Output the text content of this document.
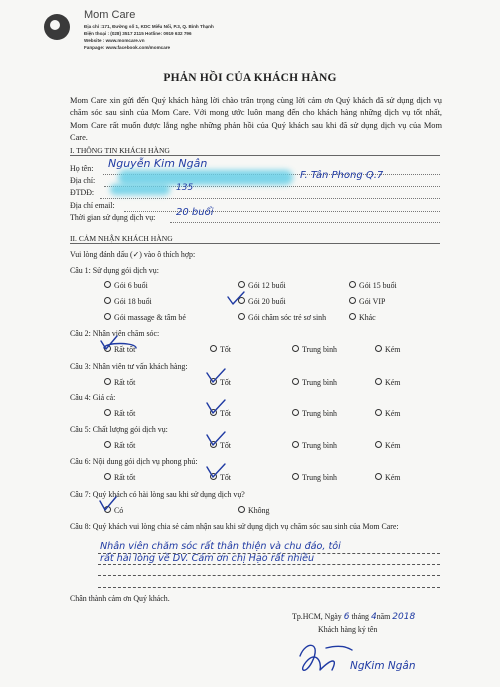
Mom Care
Địa chỉ :171, Đường số 1, KDC Miếu Nổi, P.3, Q. Bình Thạnh
Điện thoại : (028) 3517 2115 Hotline: 0919 632 796
Website : www.momcare.vn
Fanpage: www.facebook.com/momcare
PHẢN HỒI CỦA KHÁCH HÀNG
Mom Care xin gửi đến Quý khách hàng lời chào trân trọng cùng lời cảm ơn Quý khách đã sử dụng dịch vụ chăm sóc sau sinh của Mom Care. Với mong ước luôn mang đến cho khách hàng những dịch vụ tốt nhất, Mom Care rất muốn được lắng nghe những phản hồi của Quý khách sau khi đã sử dụng dịch vụ của Mom Care.
I. THÔNG TIN KHÁCH HÀNG
Họ tên: Nguyễn Kim Ngân
Địa chỉ:	F. Tân Phong Q.7
ĐTDĐ:	135
Địa chỉ email:
Thời gian sử dụng dịch vụ: 20 buổi
II. CẢM NHẬN KHÁCH HÀNG
Vui lòng đánh dấu (✓) vào ô thích hợp:
Câu 1: Sử dụng gói dịch vụ:
Gói 6 buổi	Gói 12 buổi	Gói 15 buổi
Gói 18 buổi	Gói 20 buổi	Gói VIP
Gói massage & tâm bé	Gói chăm sóc trẻ sơ sinh	Khác
Câu 2: Nhân viên chăm sóc:
Rất tốt	Tốt	Trung bình	Kém
Câu 3: Nhân viên tư vấn khách hàng:
Rất tốt	Tốt	Trung bình	Kém
Câu 4: Giá cả:
Rất tốt	Tốt	Trung bình	Kém
Câu 5: Chất lượng gói dịch vụ:
Rất tốt	Tốt	Trung bình	Kém
Câu 6: Nội dung gói dịch vụ phong phú:
Rất tốt	Tốt	Trung bình	Kém
Câu 7: Quý khách có hài lòng sau khi sử dụng dịch vụ?
Có	Không
Câu 8: Quý khách vui lòng chia sẻ cảm nhận sau khi sử dụng dịch vụ chăm sóc sau sinh của Mom Care:
Nhân viên chăm sóc rất thân thiện và chu đáo, tôi
rất hài lòng về DV. Cảm ơn chị Hạo rất nhiều
Chân thành cảm ơn Quý khách.
Tp.HCM, Ngày 6 tháng 4năm 2018
Khách hàng ký tên
NgKim Ngân
